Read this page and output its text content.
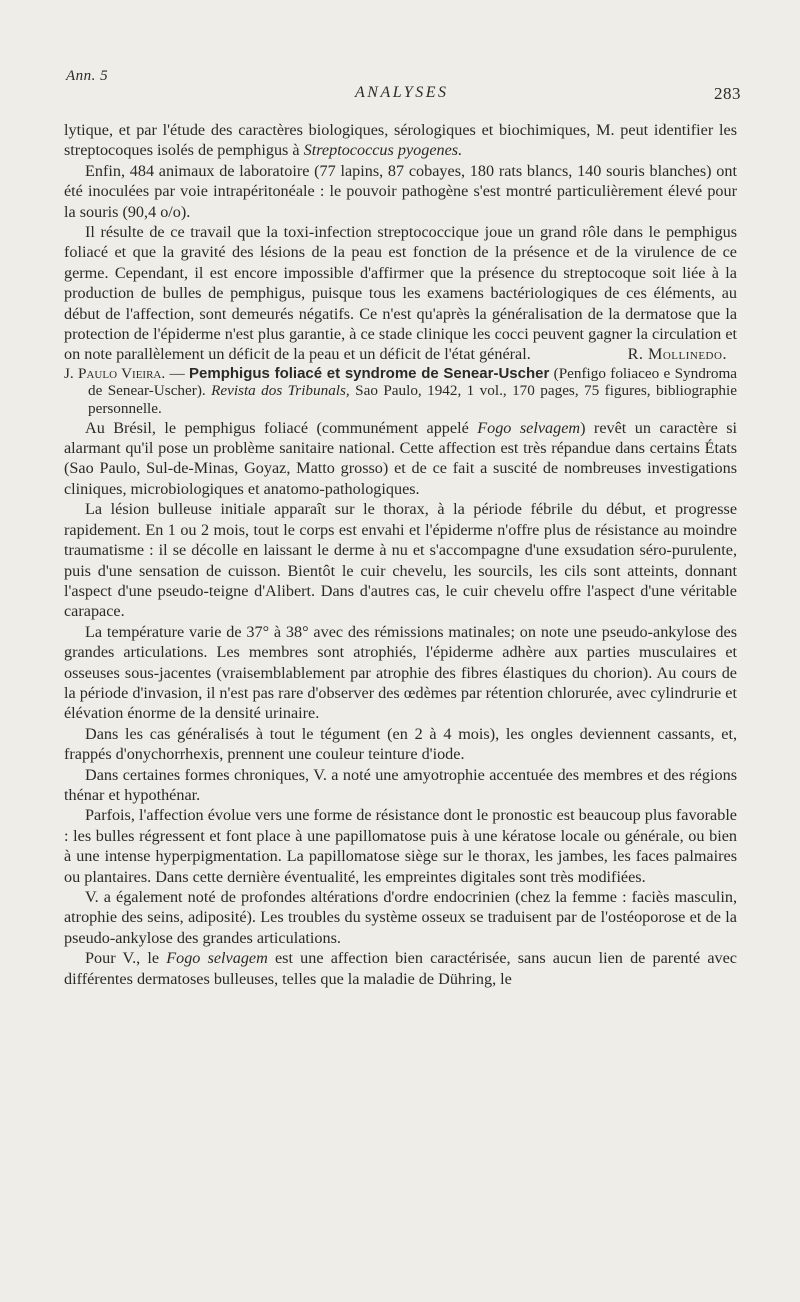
Ann. 5
ANALYSES	283

lytique, et par l'étude des caractères biologiques, sérologiques et biochimiques, M. peut identifier les streptocoques isolés de pemphigus à Streptococcus pyogenes.

Enfin, 484 animaux de laboratoire (77 lapins, 87 cobayes, 180 rats blancs, 140 souris blanches) ont été inoculées par voie intrapéritonéale : le pouvoir pathogène s'est montré particulièrement élevé pour la souris (90,4 o/o).

Il résulte de ce travail que la toxi-infection streptococcique joue un grand rôle dans le pemphigus foliacé et que la gravité des lésions de la peau est fonction de la présence et de la virulence de ce germe. Cependant, il est encore impossible d'affirmer que la présence du streptocoque soit liée à la production de bulles de pemphigus, puisque tous les examens bactériologiques de ces éléments, au début de l'affection, sont demeurés négatifs. Ce n'est qu'après la généralisation de la dermatose que la protection de l'épiderme n'est plus garantie, à ce stade clinique les cocci peuvent gagner la circulation et on note parallèlement un déficit de la peau et un déficit de l'état général.	R. Mollinedo.

J. Paulo Vieira. — Pemphigus foliacé et syndrome de Senear-Uscher (Penfigo foliaceo e Syndroma de Senear-Uscher). Revista dos Tribunals, Sao Paulo, 1942, 1 vol., 170 pages, 75 figures, bibliographie personnelle.

Au Brésil, le pemphigus foliacé (communément appelé Fogo selvagem) revêt un caractère si alarmant qu'il pose un problème sanitaire national. Cette affection est très répandue dans certains États (Sao Paulo, Sul-de-Minas, Goyaz, Matto grosso) et de ce fait a suscité de nombreuses investigations cliniques, microbiologiques et anatomo-pathologiques.

La lésion bulleuse initiale apparaît sur le thorax, à la période fébrile du début, et progresse rapidement. En 1 ou 2 mois, tout le corps est envahi et l'épiderme n'offre plus de résistance au moindre traumatisme : il se décolle en laissant le derme à nu et s'accompagne d'une exsudation séro-purulente, puis d'une sensation de cuisson. Bientôt le cuir chevelu, les sourcils, les cils sont atteints, donnant l'aspect d'une pseudo-teigne d'Alibert. Dans d'autres cas, le cuir chevelu offre l'aspect d'une véritable carapace.

La température varie de 37° à 38° avec des rémissions matinales; on note une pseudo-ankylose des grandes articulations. Les membres sont atrophiés, l'épiderme adhère aux parties musculaires et osseuses sous-jacentes (vraisemblablement par atrophie des fibres élastiques du chorion). Au cours de la période d'invasion, il n'est pas rare d'observer des œdèmes par rétention chlorurée, avec cylindrurie et élévation énorme de la densité urinaire.

Dans les cas généralisés à tout le tégument (en 2 à 4 mois), les ongles deviennent cassants, et, frappés d'onychorrhexis, prennent une couleur teinture d'iode.

Dans certaines formes chroniques, V. a noté une amyotrophie accentuée des membres et des régions thénar et hypothénar.

Parfois, l'affection évolue vers une forme de résistance dont le pronostic est beaucoup plus favorable : les bulles régressent et font place à une papillomatose puis à une kératose locale ou générale, ou bien à une intense hyperpigmentation. La papillomatose siège sur le thorax, les jambes, les faces palmaires ou plantaires. Dans cette dernière éventualité, les empreintes digitales sont très modifiées.

V. a également noté de profondes altérations d'ordre endocrinien (chez la femme : faciès masculin, atrophie des seins, adiposité). Les troubles du système osseux se traduisent par de l'ostéoporose et de la pseudo-ankylose des grandes articulations.

Pour V., le Fogo selvagem est une affection bien caractérisée, sans aucun lien de parenté avec différentes dermatoses bulleuses, telles que la maladie de Dühring, le
